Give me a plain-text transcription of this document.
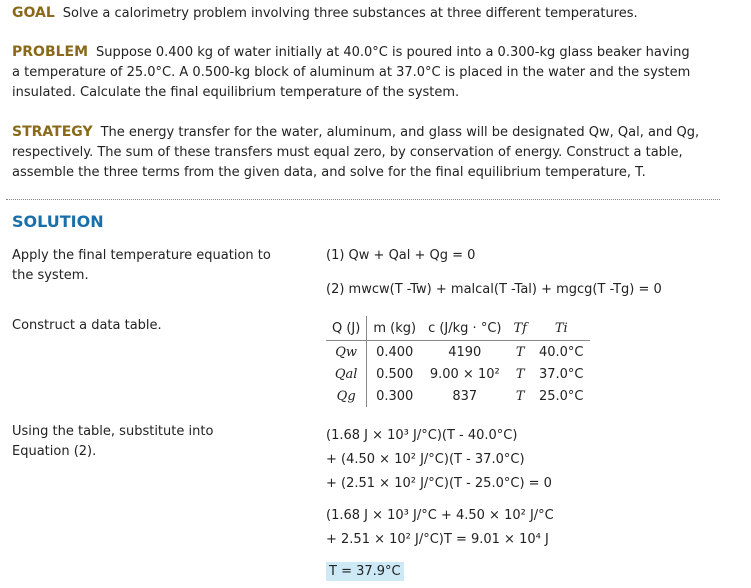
GOAL Solve a calorimetry problem involving three substances at three different temperatures.
PROBLEM Suppose 0.400 kg of water initially at 40.0°C is poured into a 0.300-kg glass beaker having
a temperature of 25.0°C. A 0.500-kg block of aluminum at 37.0°C is placed in the water and the system
insulated. Calculate the final equilibrium temperature of the system.
STRATEGY The energy transfer for the water, aluminum, and glass will be designated Qw, Qal, and Qg,
respectively. The sum of these transfers must equal zero, by conservation of energy. Construct a table,
assemble the three terms from the given data, and solve for the final equilibrium temperature, T.
SOLUTION
Apply the final temperature equation to
the system.
(1) Qw + Qal + Qg = 0
(2) mwcw(T -Tw) + malcal(T -Tal) + mgcg(T -Tg) = 0
Construct a data table.	Q (J)	m (kg)	c (J/kg · °C)	Tf	Ti
Qw	0.400	4190	T	40.0°C
Qal	0.500	9.00 × 10²	T	37.0°C
Qg	0.300	837	T	25.0°C
Using the table, substitute into
Equation (2).
(1.68 J × 10³ J/°C)(T - 40.0°C)
+ (4.50 × 10² J/°C)(T - 37.0°C)
+ (2.51 × 10² J/°C)(T - 25.0°C) = 0
(1.68 J × 10³ J/°C + 4.50 × 10² J/°C
+ 2.51 × 10² J/°C)T = 9.01 × 10⁴ J
T = 37.9°C
